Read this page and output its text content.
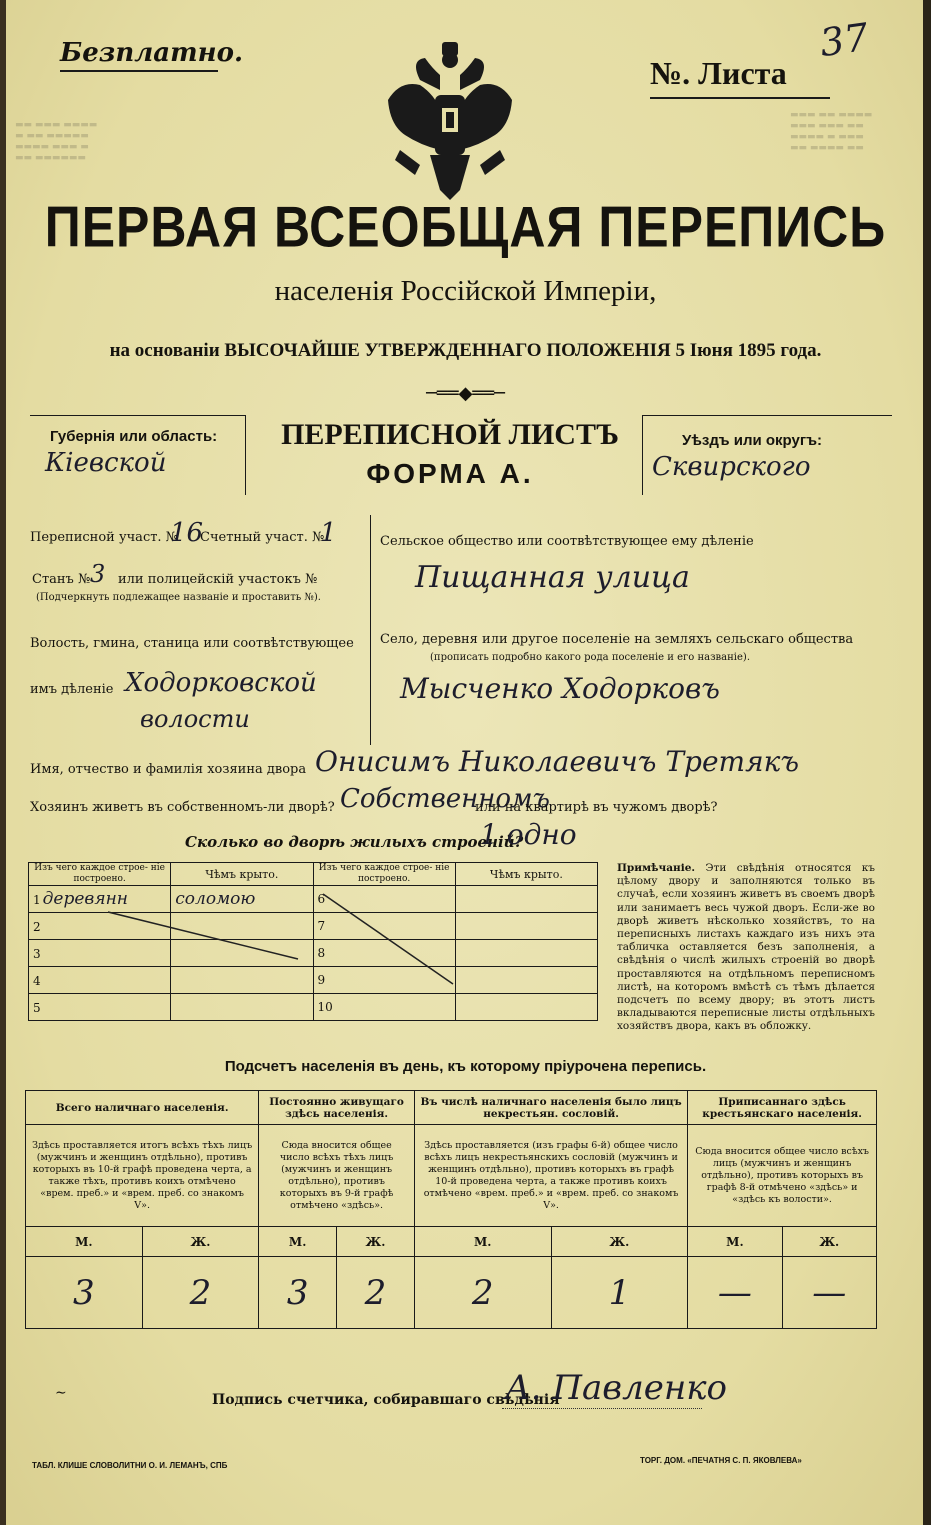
▬▬ ▬▬▬ ▬▬▬▬
▬ ▬▬ ▬▬▬▬▬
▬▬▬▬ ▬▬▬ ▬
▬▬ ▬▬▬▬▬▬
▬▬▬ ▬▬ ▬▬▬▬
▬▬▬ ▬▬▬ ▬▬
▬▬▬▬ ▬ ▬▬▬
▬▬ ▬▬▬▬ ▬▬
Безплатно.
№. Листа
37
ПЕРВАЯ ВСЕОБЩАЯ ПЕРЕПИСЬ
населенія Россійской Имперіи,
на основаніи ВЫСОЧАЙШЕ УТВЕРЖДЕННАГО ПОЛОЖЕНІЯ 5 Іюня 1895 года.
─══◆══─
Губернія или область:
Кіевской
ПЕРЕПИСНОЙ ЛИСТЪ
ФОРМА А.
Уѣздъ или округъ:
Сквирского
Переписной участ. №
16
Счетный участ. №
1
Станъ № 3 или полицейскій участокъ №
(Подчеркнуть подлежащее названіе и проставить №).
Волость, гмина, станица или соотвѣтствующее
имъ дѣленіе Ходорковской
волости
Сельское общество или соотвѣтствующее ему дѣленіе
Пищанная улица
Село, деревня или другое поселеніе на земляхъ сельскаго общества
(прописать подробно какого рода поселеніе и его названіе).
Мысченко Ходорковъ
Имя, отчество и фамилія хозяина двора Онисимъ Николаевичъ Третякъ
Хозяинъ живетъ въ собственномъ-ли дворѣ? Собственномъ
или на квартирѣ въ чужомъ дворѣ?
Сколько во дворѣ жилыхъ строеній?
1 одно
Изъ чего каждое строе- ніе построено.	Чѣмъ крыто.	Изъ чего каждое строе- ніе построено.	Чѣмъ крыто.
1 деревянн	соломою	6	
2		7	
3		8	
4		9	
5		10	
Примѣчаніе. Эти свѣдѣнія относятся къ цѣлому двору и заполняются только въ случаѣ, если хозяинъ живетъ въ своемъ дворѣ или занимаетъ весь чужой дворъ. Если-же во дворѣ живетъ нѣсколько хозяйствъ, то на переписныхъ листахъ каждаго изъ нихъ эта табличка оставляется безъ заполненія, а свѣдѣнія о числѣ жилыхъ строеній во дворѣ проставляются на отдѣльномъ переписномъ листѣ, на которомъ вмѣстѣ съ тѣмъ дѣлается подсчетъ по всему двору; въ этотъ листъ вкладываются переписные листы отдѣльныхъ хозяйствъ двора, какъ въ обложку.
Подсчетъ населенія въ день, къ которому пріурочена перепись.
Всего наличнаго населенія.		Постоянно живущаго здѣсь населенія.		Въ числѣ наличнаго населенія было лицъ некрестьян. сословій.		Приписаннаго здѣсь крестьянскаго населенія.	
Здѣсь проставляется итогъ всѣхъ тѣхъ лицъ (мужчинъ и женщинъ отдѣльно), противъ которыхъ въ 10-й графѣ проведена черта, а также тѣхъ, противъ коихъ отмѣчено «врем. преб.» и «врем. преб. со знакомъ V».		Сюда вносится общее число всѣхъ тѣхъ лицъ (мужчинъ и женщинъ отдѣльно), противъ которыхъ въ 9-й графѣ отмѣчено «здѣсь».		Здѣсь проставляется (изъ графы 6-й) общее число всѣхъ лицъ некрестьянскихъ сословій (мужчинъ и женщинъ отдѣльно), противъ которыхъ въ графѣ 10-й проведена черта, а также противъ коихъ отмѣчено «врем. преб.» и «врем. преб. со знакомъ V».		Сюда вносится общее число всѣхъ лицъ (мужчинъ и женщинъ отдѣльно), противъ которыхъ въ графѣ 8-й отмѣчено «здѣсь» и «здѣсь къ волости».	
М.	Ж.	М.	Ж.	М.	Ж.	М.	Ж.
3	2	3	2	2	1	—	—
∼	Подпись счетчика, собиравшаго свѣдѣнія
А. Павленко
ТАБЛ. КЛИШЕ СЛОВОЛИТНИ О. И. ЛЕМАНЪ, СПБ
ТОРГ. ДОМ. «ПЕЧАТНЯ С. П. ЯКОВЛЕВА»
